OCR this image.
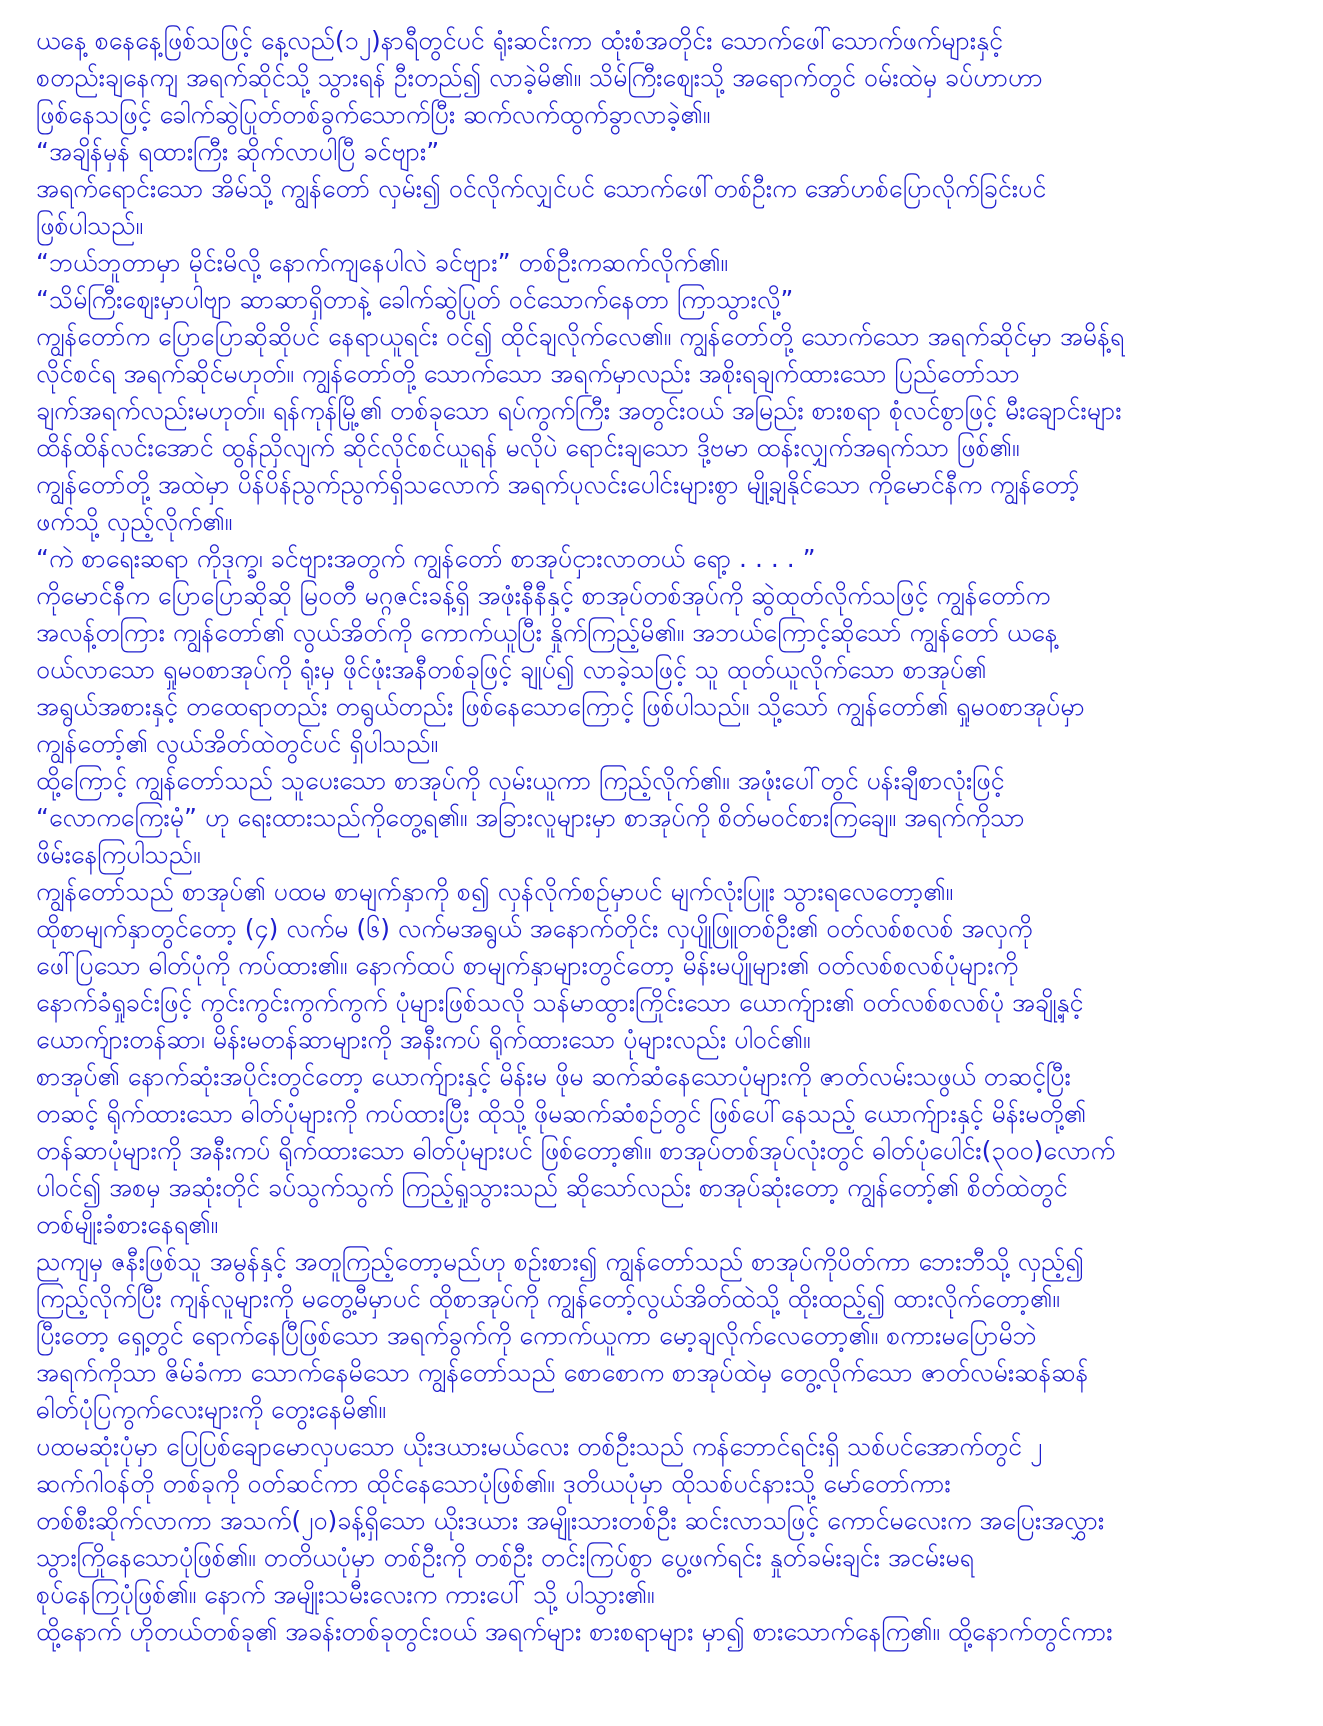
ယနေ့ စနေနေ့ဖြစ်သဖြင့် နေ့လည်(၁၂)နာရီတွင်ပင် ရုံးဆင်းကာ ထုံးစံအတိုင်း သောက်ဖေါ်သောက်ဖက်များနှင့်
စတည်းချနေကျ အရက်ဆိုင်သို့ သွားရန် ဦးတည်၍ လာခဲ့မိ၏။ သိမ်ကြီးဈေးသို့ အရောက်တွင် ဝမ်းထဲမှ ခပ်ဟာဟာ
ဖြစ်နေသဖြင့် ခေါက်ဆွဲပြုတ်တစ်ခွက်သောက်ပြီး ဆက်လက်ထွက်ခွာလာခဲ့၏။
“အချိန်မှန် ရထားကြီး ဆိုက်လာပါပြီ ခင်ဗျား”
အရက်ရောင်းသော အိမ်သို့ ကျွန်တော် လှမ်း၍ ဝင်လိုက်လျှင်ပင် သောက်ဖေါ်တစ်ဦးက အော်ဟစ်ပြောလိုက်ခြင်းပင်
ဖြစ်ပါသည်။
“ဘယ်ဘူတာမှာ မိုင်းမိလို့ နောက်ကျနေပါလဲ ခင်ဗျား” တစ်ဦးကဆက်လိုက်၏။
“သိမ်ကြီးဈေးမှာပါဗျာ ဆာဆာရှိတာနဲ့ ခေါက်ဆွဲပြုတ် ဝင်သောက်နေတာ ကြာသွားလို့”
ကျွန်တော်က ပြောပြောဆိုဆိုပင် နေရာယူရင်း ဝင်၍ ထိုင်ချလိုက်လေ၏။ ကျွန်တော်တို့ သောက်သော အရက်ဆိုင်မှာ အမိန့်ရ
လိုင်စင်ရ အရက်ဆိုင်မဟုတ်။ ကျွန်တော်တို့ သောက်သော အရက်မှာလည်း အစိုးရချက်ထားသော ပြည်တော်သာ
ချက်အရက်လည်းမဟုတ်။ ရန်ကုန်မြို့၏ တစ်ခုသော ရပ်ကွက်ကြီး အတွင်းဝယ် အမြည်း စားစရာ စုံလင်စွာဖြင့် မီးချောင်းများ
ထိန်ထိန်လင်းအောင် ထွန်ညှိလျက် ဆိုင်လိုင်စင်ယူရန် မလိုပဲ ရောင်းချသော ဒို့ဗမာ ထန်းလျှက်အရက်သာ ဖြစ်၏။
ကျွန်တော်တို့ အထဲမှာ ပိန်ပိန်ညွက်ညွက်ရှိသလောက် အရက်ပုလင်းပေါင်းများစွာ မျို့ချနိုင်သော ကိုမောင်နီက ကျွန်တော့်
ဖက်သို့ လှည့်လိုက်၏။
“ကဲ စာရေးဆရာ ကိုဒုက္ခ၊ ခင်ဗျားအတွက် ကျွန်တော် စာအုပ်ငှားလာတယ် ရော့ . . . . ”
ကိုမောင်နီက ပြောပြောဆိုဆို မြဝတီ မဂ္ဂဇင်းခန့်ရှိ အဖုံးနီနီနှင့် စာအုပ်တစ်အုပ်ကို ဆွဲထုတ်လိုက်သဖြင့် ကျွန်တော်က
အလန့်တကြား ကျွန်တော်၏ လွယ်အိတ်ကို ကောက်ယူပြီး နှိုက်ကြည့်မိ၏။ အဘယ်ကြောင့်ဆိုသော် ကျွန်တော် ယနေ့
ဝယ်လာသော ရှုမဝစာအုပ်ကို ရုံးမှ ဖိုင်ဖုံးအနီတစ်ခုဖြင့် ချုပ်၍ လာခဲ့သဖြင့် သူ ထုတ်ယူလိုက်သော စာအုပ်၏
အရွယ်အစားနှင့် တထေရာတည်း တရွယ်တည်း ဖြစ်နေသောကြောင့် ဖြစ်ပါသည်။ သို့သော် ကျွန်တော်၏ ရှုမဝစာအုပ်မှာ
ကျွန်တော့်၏ လွယ်အိတ်ထဲတွင်ပင် ရှိပါသည်။
ထို့ကြောင့် ကျွန်တော်သည် သူပေးသော စာအုပ်ကို လှမ်းယူကာ ကြည့်လိုက်၏။ အဖုံးပေါ်တွင် ပန်းချီစာလုံးဖြင့်
“လောကကြေးမုံ” ဟု ရေးထားသည်ကိုတွေ့ရ၏။ အခြားလူများမှာ စာအုပ်ကို စိတ်မဝင်စားကြချေ။ အရက်ကိုသာ
ဖိမ်းနေကြပါသည်။
ကျွန်တော်သည် စာအုပ်၏ ပထမ စာမျက်နှာကို စ၍ လှန်လိုက်စဉ်မှာပင် မျက်လုံးပြူး သွားရလေတော့၏။
ထိုစာမျက်နှာတွင်တော့ (၄) လက်မ (၆) လက်မအရွယ် အနောက်တိုင်း လှပျိုဖြူတစ်ဦး၏ ဝတ်လစ်စလစ် အလှကို
ဖေါ်ပြသော ဓါတ်ပုံကို ကပ်ထား၏။ နောက်ထပ် စာမျက်နှာများတွင်တော့ မိန်းမပျိုများ၏ ဝတ်လစ်စလစ်ပုံများကို
နောက်ခံရှုခင်းဖြင့် ကွင်းကွင်းကွက်ကွက် ပုံများဖြစ်သလို သန်မာထွားကြိုင်းသော ယောက်ျား၏ ဝတ်လစ်စလစ်ပုံ အချို့နှင့်
ယောက်ျားတန်ဆာ၊ မိန်းမတန်ဆာများကို အနီးကပ် ရိုက်ထားသော ပုံများလည်း ပါဝင်၏။
စာအုပ်၏ နောက်ဆုံးအပိုင်းတွင်တော့ ယောက်ျားနှင့် မိန်းမ ဖိုမ ဆက်ဆံနေသောပုံများကို ဇာတ်လမ်းသဖွယ် တဆင့်ပြီး
တဆင့် ရိုက်ထားသော ဓါတ်ပုံများကို ကပ်ထားပြီး ထိုသို့ ဖိုမဆက်ဆံစဉ်တွင် ဖြစ်ပေါ်နေသည့် ယောက်ျားနှင့် မိန်းမတို့၏
တန်ဆာပုံများကို အနီးကပ် ရိုက်ထားသော ဓါတ်ပုံများပင် ဖြစ်တော့၏။ စာအုပ်တစ်အုပ်လုံးတွင် ဓါတ်ပုံပေါင်း(၃၀၀)လောက်
ပါဝင်၍ အစမှ အဆုံးတိုင် ခပ်သွက်သွက် ကြည့်ရှုသွားသည် ဆိုသော်လည်း စာအုပ်ဆုံးတော့ ကျွန်တော့်၏ စိတ်ထဲတွင်
တစ်မျိုးခံစားနေရ၏။
ညကျမှ ဇနီးဖြစ်သူ အမွန်နှင့် အတူကြည့်တော့မည်ဟု စဉ်းစား၍ ကျွန်တော်သည် စာအုပ်ကိုပိတ်ကာ ဘေးဘီသို့ လှည့်၍
ကြည့်လိုက်ပြီး ကျန်လူများကို မတွေ့မီမှာပင် ထိုစာအုပ်ကို ကျွန်တော့်လွယ်အိတ်ထဲသို့ ထိုးထည့်၍ ထားလိုက်တော့၏။
ပြီးတော့ ရှေ့တွင် ရောက်နေပြီဖြစ်သော အရက်ခွက်ကို ကောက်ယူကာ မော့ချလိုက်လေတော့၏။ စကားမပြောမိဘဲ
အရက်ကိုသာ ဇိမ်ခံကာ သောက်နေမိသော ကျွန်တော်သည် စောစောက စာအုပ်ထဲမှ တွေ့လိုက်သော ဇာတ်လမ်းဆန်ဆန်
ဓါတ်ပုံပြကွက်လေးများကို တွေးနေမိ၏။
ပထမဆုံးပုံမှာ ပြေပြစ်ချောမောလှပသော ယိုးဒယားမယ်လေး တစ်ဦးသည် ကန်ဘောင်ရင်းရှိ သစ်ပင်အောက်တွင် ၂
ဆက်ဂါဝန်တို တစ်ခုကို ဝတ်ဆင်ကာ ထိုင်နေသောပုံဖြစ်၏။ ဒုတိယပုံမှာ ထိုသစ်ပင်နားသို့ မော်တော်ကား
တစ်စီးဆိုက်လာကာ အသက်(၂၀)ခန့်ရှိသော ယိုးဒယား အမျိုးသားတစ်ဦး ဆင်းလာသဖြင့် ကောင်မလေးက အပြေးအလွှား
သွားကြိုနေသောပုံဖြစ်၏။ တတိယပုံမှာ တစ်ဦးကို တစ်ဦး တင်းကြပ်စွာ ပွေ့ဖက်ရင်း နှုတ်ခမ်းချင်း အငမ်းမရ
စုပ်နေကြပုံဖြစ်၏။ နောက် အမျိုးသမီးလေးက ကားပေါ် သို့ ပါသွား၏။
ထို့နောက် ဟိုတယ်တစ်ခု၏ အခန်းတစ်ခုတွင်းဝယ် အရက်များ စားစရာများ မှာ၍ စားသောက်နေကြ၏။ ထို့နောက်တွင်ကား
